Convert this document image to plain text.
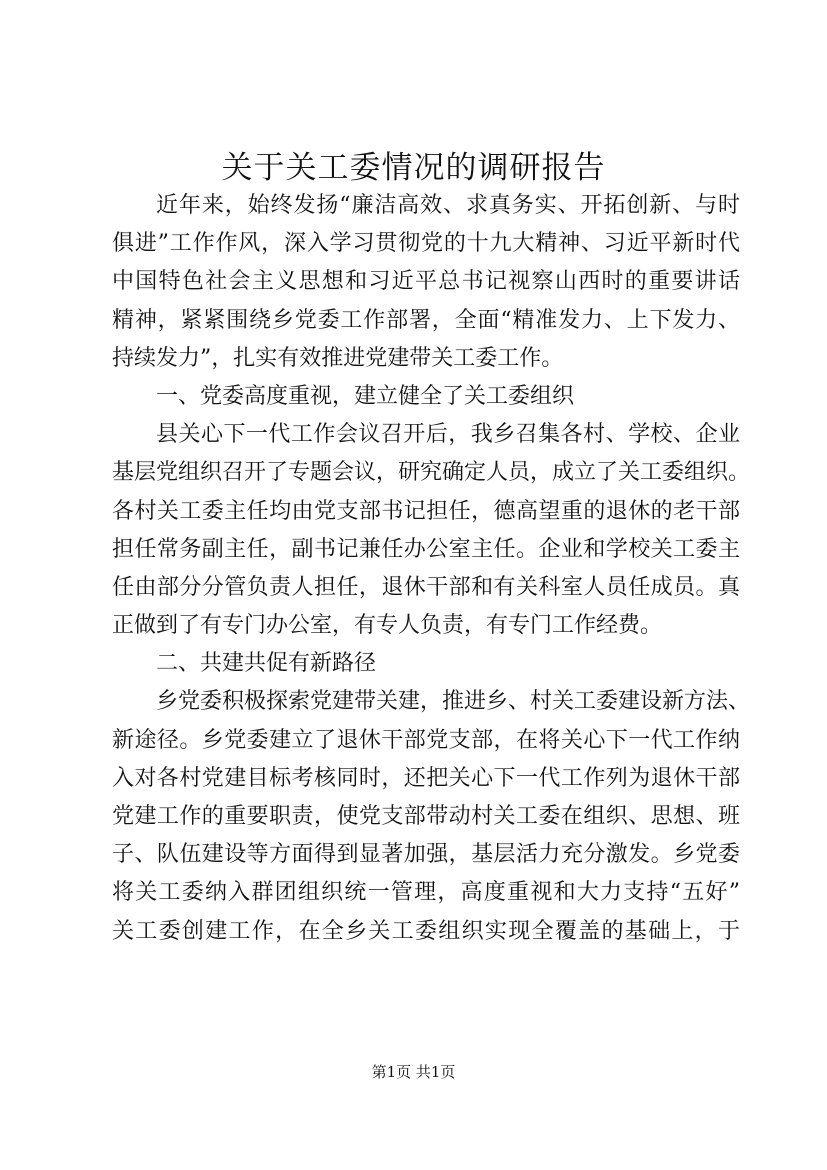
关于关工委情况的调研报告
近年来，始终发扬“廉洁高效、求真务实、开拓创新、与时
俱进”工作作风，深入学习贯彻党的十九大精神、习近平新时代
中国特色社会主义思想和习近平总书记视察山西时的重要讲话
精神，紧紧围绕乡党委工作部署，全面“精准发力、上下发力、
持续发力”，扎实有效推进党建带关工委工作。
一、党委高度重视，建立健全了关工委组织
县关心下一代工作会议召开后，我乡召集各村、学校、企业
基层党组织召开了专题会议，研究确定人员，成立了关工委组织。
各村关工委主任均由党支部书记担任，德高望重的退休的老干部
担任常务副主任，副书记兼任办公室主任。企业和学校关工委主
任由部分分管负责人担任，退休干部和有关科室人员任成员。真
正做到了有专门办公室，有专人负责，有专门工作经费。
二、共建共促有新路径
乡党委积极探索党建带关建，推进乡、村关工委建设新方法、
新途径。乡党委建立了退休干部党支部，在将关心下一代工作纳
入对各村党建目标考核同时，还把关心下一代工作列为退休干部
党建工作的重要职责，使党支部带动村关工委在组织、思想、班
子、队伍建设等方面得到显著加强，基层活力充分激发。乡党委
将关工委纳入群团组织统一管理，高度重视和大力支持“五好”
关工委创建工作，在全乡关工委组织实现全覆盖的基础上，于
第1页 共1页
